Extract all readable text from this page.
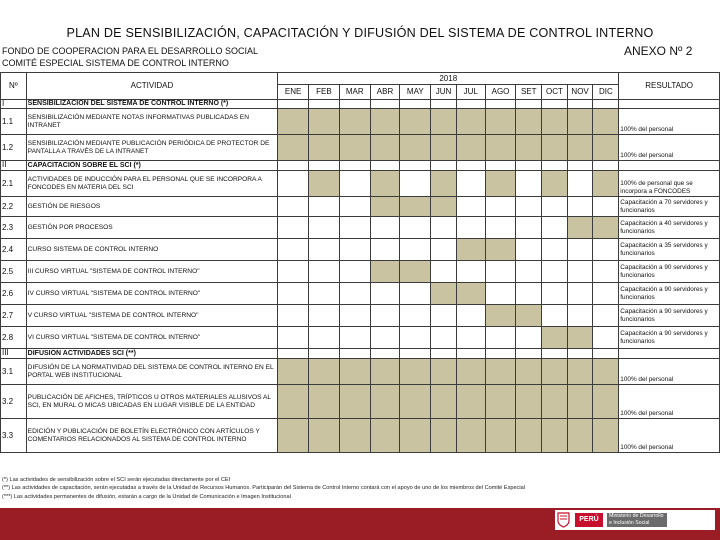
PLAN DE SENSIBILIZACIÓN, CAPACITACIÓN Y DIFUSIÓN DEL SISTEMA DE CONTROL INTERNO
FONDO DE COOPERACION PARA EL DESARROLLO SOCIAL
COMITÉ ESPECIAL SISTEMA DE CONTROL INTERNO
ANEXO Nº 2
Nº	ACTIVIDAD	2018												RESULTADO
		ENE	FEB	MAR	ABR	MAY	JUN	JUL	AGO	SET	OCT	NOV	DIC	
I	SENSIBILIZACIÓN DEL SISTEMA DE CONTROL INTERNO (*)													
1.1	SENSIBILIZACIÓN MEDIANTE NOTAS INFORMATIVAS PUBLICADAS EN INTRANET													100% del personal
1.2	SENSIBILIZACIÓN MEDIANTE PUBLICACIÓN PERIÓDICA DE PROTECTOR DE PANTALLA A TRAVÉS DE LA INTRANET													100% del personal
II	CAPACITACIÓN SOBRE EL SCI (*)													
2.1	ACTIVIDADES DE INDUCCIÓN PARA EL PERSONAL QUE SE INCORPORA A FONCODES EN MATERIA DEL SCI													100% de personal que se incorpora a FONCODES
2.2	GESTIÓN DE RIESGOS													Capacitación a 70 servidores y funcionarios
2.3	GESTIÓN POR PROCESOS													Capacitación a 40 servidores y funcionarios
2.4	CURSO SISTEMA DE CONTROL INTERNO													Capacitación a 35 servidores y funcionarios
2.5	III CURSO VIRTUAL "SISTEMA DE CONTROL INTERNO"													Capacitación a 90 servidores y funcionarios
2.6	IV CURSO VIRTUAL "SISTEMA DE CONTROL INTERNO"													Capacitación a 90 servidores y funcionarios
2.7	V CURSO VIRTUAL "SISTEMA DE CONTROL INTERNO"													Capacitación a 90 servidores y funcionarios
2.8	VI CURSO VIRTUAL "SISTEMA DE CONTROL INTERNO"													Capacitación a 90 servidores y funcionarios
III	DIFUSIÓN ACTIVIDADES SCI (**)													
3.1	DIFUSIÓN DE LA NORMATIVIDAD DEL SISTEMA DE CONTROL INTERNO EN EL PORTAL WEB INSTITUCIONAL													100% del personal
3.2	PUBLICACIÓN DE AFICHES, TRÍPTICOS U OTROS MATERIALES ALUSIVOS AL SCI, EN MURAL O MICAS UBICADAS EN LUGAR VISIBLE DE LA ENTIDAD													100% del personal
3.3	EDICIÓN Y PUBLICACIÓN DE BOLETÍN ELECTRÓNICO CON ARTÍCULOS Y COMENTARIOS RELACIONADOS AL SISTEMA DE CONTROL INTERNO													100% del personal
(*) Las actividades de sensibilización sobre el SCI serán ejecutadas directamente por el CEI
(**) Las actividades de capacitación, serán ejecutadas a través de la Unidad de Recursos Humanos. Participarán del Sistema de Control Interno contará con el apoyo de uno de los miembros del Comité Especial
(***) Las actividades permanentes de difusión, estarán a cargo de la Unidad de Comunicación e Imagen Institucional
PERÚ	Ministerio de Desarrollo e Inclusión Social
